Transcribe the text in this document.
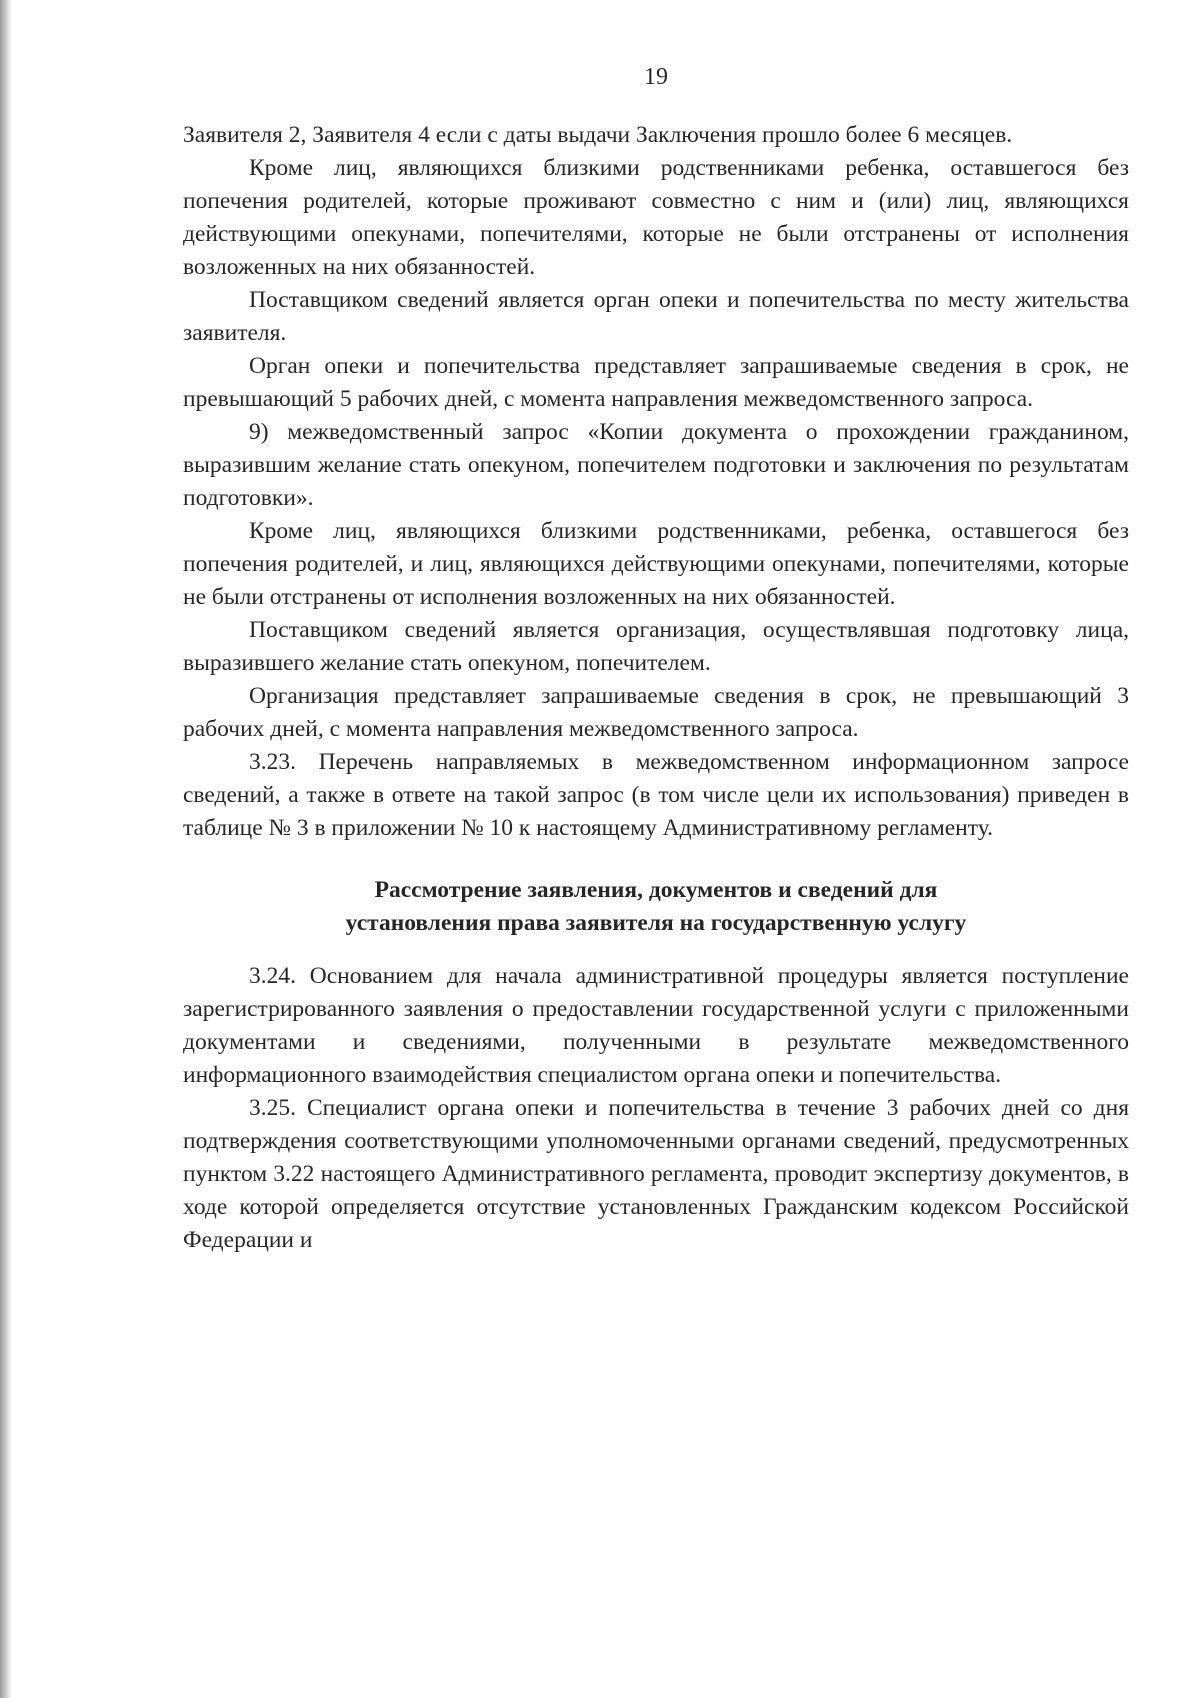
19

Заявителя 2, Заявителя 4 если с даты выдачи Заключения прошло более 6 месяцев.

Кроме лиц, являющихся близкими родственниками ребенка, оставшегося без попечения родителей, которые проживают совместно с ним и (или) лиц, являющихся действующими опекунами, попечителями, которые не были отстранены от исполнения возложенных на них обязанностей.

Поставщиком сведений является орган опеки и попечительства по месту жительства заявителя.

Орган опеки и попечительства представляет запрашиваемые сведения в срок, не превышающий 5 рабочих дней, с момента направления межведомственного запроса.

9) межведомственный запрос «Копии документа о прохождении гражданином, выразившим желание стать опекуном, попечителем подготовки и заключения по результатам подготовки».

Кроме лиц, являющихся близкими родственниками, ребенка, оставшегося без попечения родителей, и лиц, являющихся действующими опекунами, попечителями, которые не были отстранены от исполнения возложенных на них обязанностей.

Поставщиком сведений является организация, осуществлявшая подготовку лица, выразившего желание стать опекуном, попечителем.

Организация представляет запрашиваемые сведения в срок, не превышающий 3 рабочих дней, с момента направления межведомственного запроса.

3.23. Перечень направляемых в межведомственном информационном запросе сведений, а также в ответе на такой запрос (в том числе цели их использования) приведен в таблице № 3 в приложении № 10 к настоящему Административному регламенту.

Рассмотрение заявления, документов и сведений для
установления права заявителя на государственную услугу

3.24. Основанием для начала административной процедуры является поступление зарегистрированного заявления о предоставлении государственной услуги с приложенными документами и сведениями, полученными в результате межведомственного информационного взаимодействия специалистом органа опеки и попечительства.

3.25. Специалист органа опеки и попечительства в течение 3 рабочих дней со дня подтверждения соответствующими уполномоченными органами сведений, предусмотренных пунктом 3.22 настоящего Административного регламента, проводит экспертизу документов, в ходе которой определяется отсутствие установленных Гражданским кодексом Российской Федерации и
